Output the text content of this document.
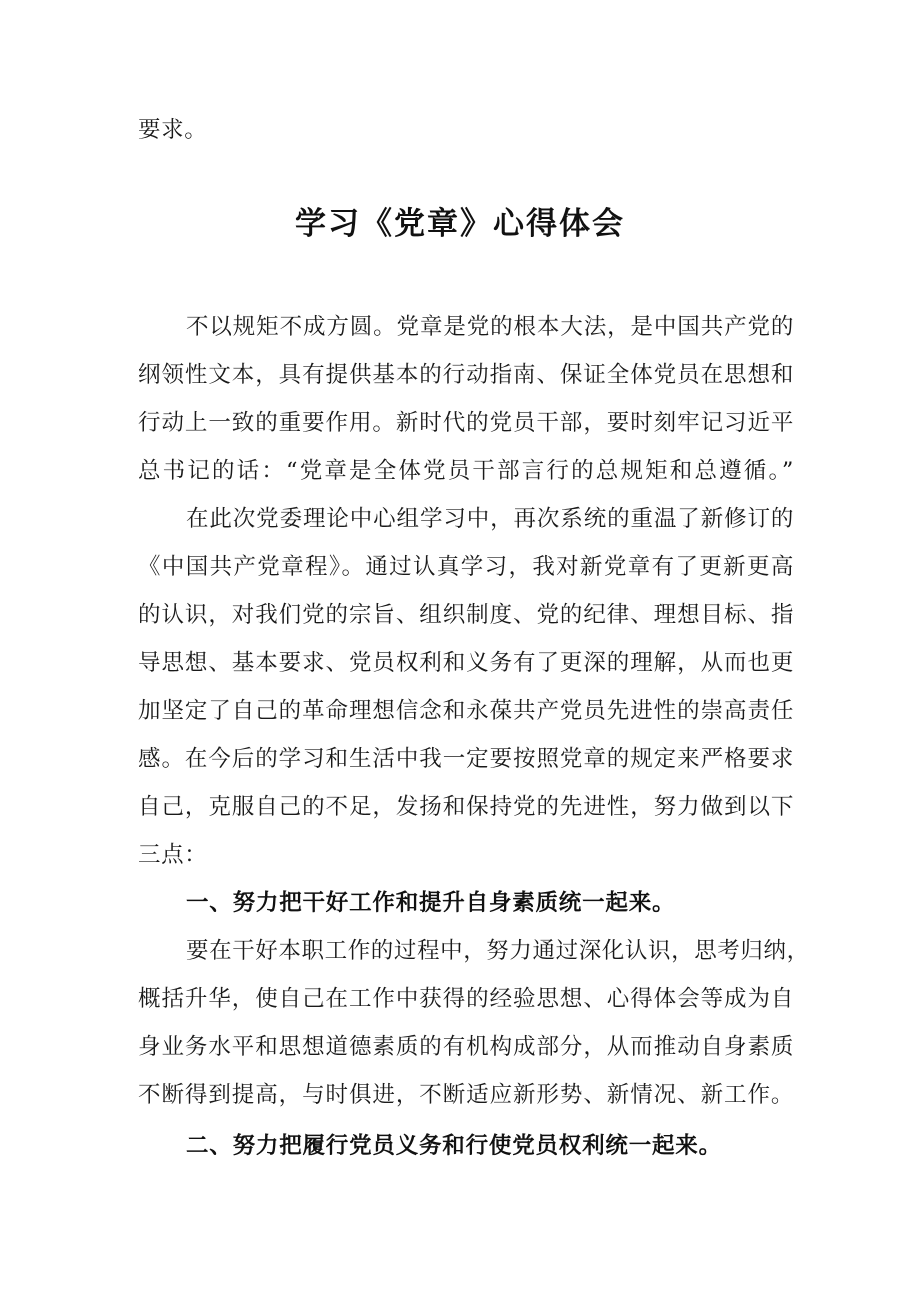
要求。
学习《党章》心得体会
不以规矩不成方圆。党章是党的根本大法，是中国共产党的
纲领性文本，具有提供基本的行动指南、保证全体党员在思想和
行动上一致的重要作用。新时代的党员干部，要时刻牢记习近平
总书记的话：“党章是全体党员干部言行的总规矩和总遵循。”
在此次党委理论中心组学习中，再次系统的重温了新修订的
《中国共产党章程》。通过认真学习，我对新党章有了更新更高
的认识，对我们党的宗旨、组织制度、党的纪律、理想目标、指
导思想、基本要求、党员权利和义务有了更深的理解，从而也更
加坚定了自己的革命理想信念和永葆共产党员先进性的崇高责任
感。在今后的学习和生活中我一定要按照党章的规定来严格要求
自己，克服自己的不足，发扬和保持党的先进性，努力做到以下
三点：
一、努力把干好工作和提升自身素质统一起来。
要在干好本职工作的过程中，努力通过深化认识，思考归纳，
概括升华，使自己在工作中获得的经验思想、心得体会等成为自
身业务水平和思想道德素质的有机构成部分，从而推动自身素质
不断得到提高，与时俱进，不断适应新形势、新情况、新工作。
二、努力把履行党员义务和行使党员权利统一起来。
